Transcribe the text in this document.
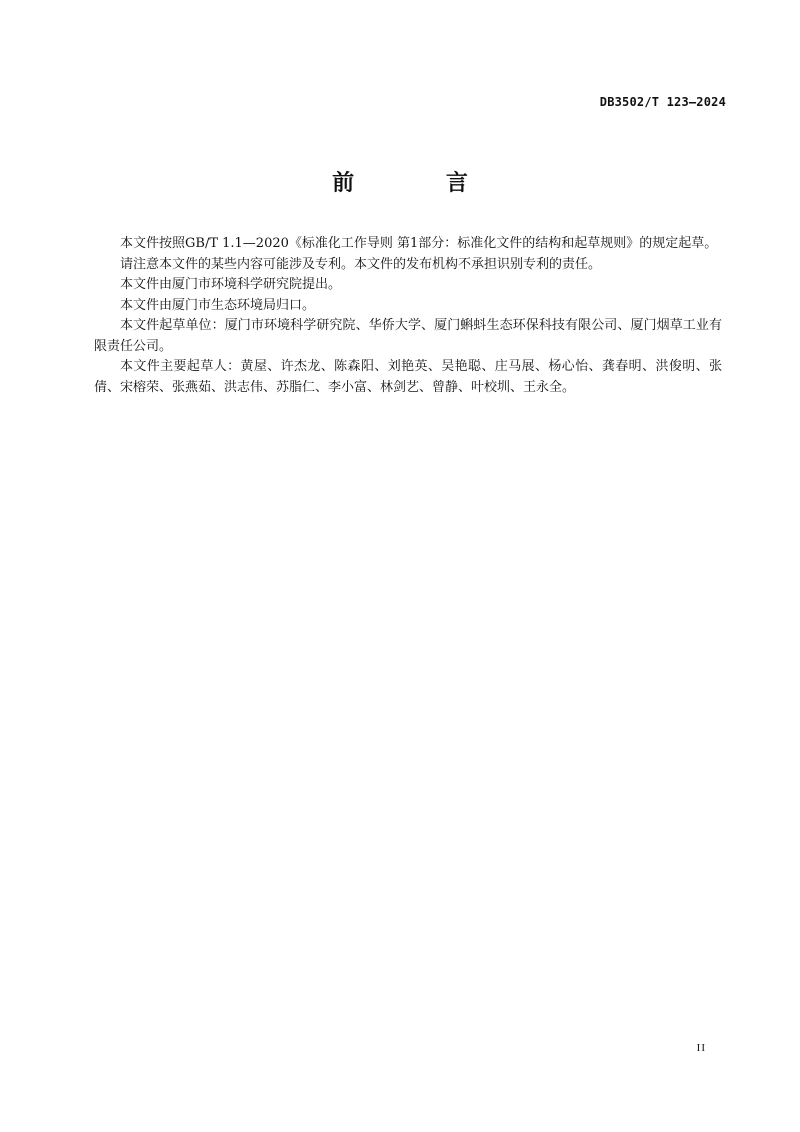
DB3502/T 123—2024
前 言

本文件按照GB/T 1.1—2020《标准化工作导则 第1部分：标准化文件的结构和起草规则》的规定起草。

请注意本文件的某些内容可能涉及专利。本文件的发布机构不承担识别专利的责任。

本文件由厦门市环境科学研究院提出。

本文件由厦门市生态环境局归口。

本文件起草单位：厦门市环境科学研究院、华侨大学、厦门蝌蚪生态环保科技有限公司、厦门烟草工业有限责任公司。

本文件主要起草人：黄屋、许杰龙、陈森阳、刘艳英、吴艳聪、庄马展、杨心怡、龚春明、洪俊明、张倩、宋榕荣、张燕茹、洪志伟、苏脂仁、李小富、林剑艺、曾静、叶校圳、王永全。

II
